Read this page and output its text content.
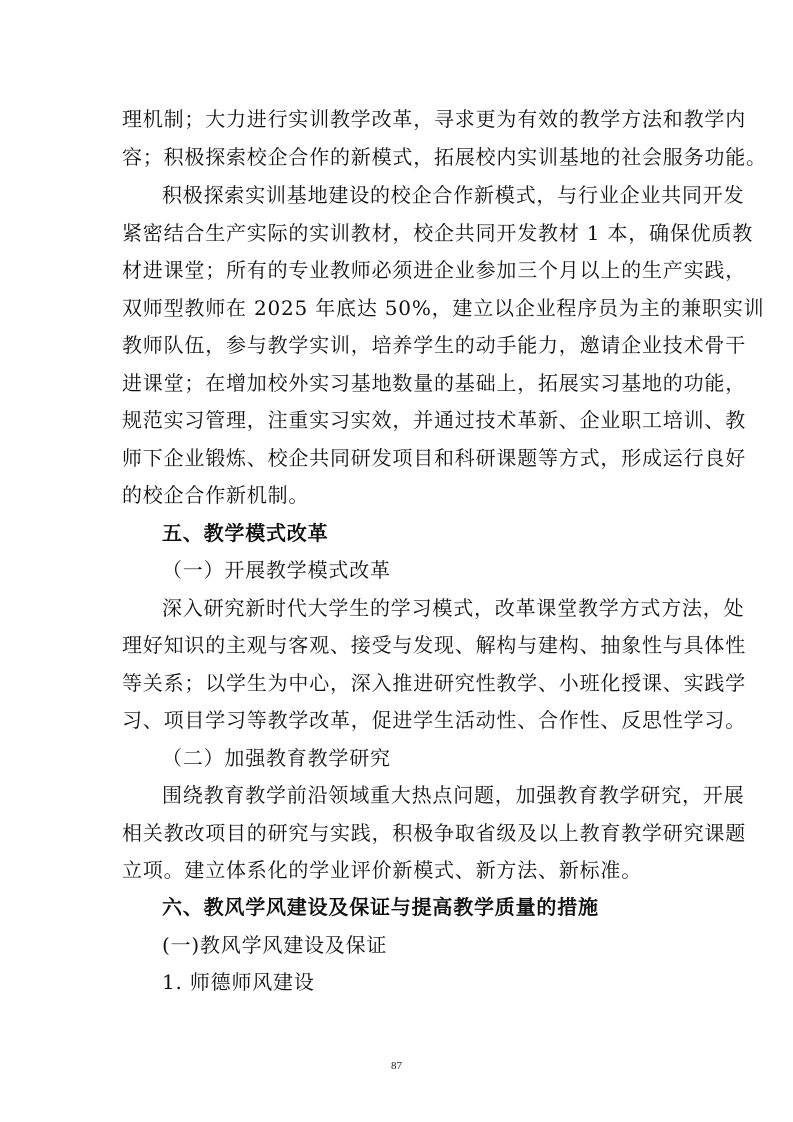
理机制；大力进行实训教学改革，寻求更为有效的教学方法和教学内
容；积极探索校企合作的新模式，拓展校内实训基地的社会服务功能。
积极探索实训基地建设的校企合作新模式，与行业企业共同开发
紧密结合生产实际的实训教材，校企共同开发教材 1 本，确保优质教
材进课堂；所有的专业教师必须进企业参加三个月以上的生产实践，
双师型教师在 2025 年底达 50%，建立以企业程序员为主的兼职实训
教师队伍，参与教学实训，培养学生的动手能力，邀请企业技术骨干
进课堂；在增加校外实习基地数量的基础上，拓展实习基地的功能，
规范实习管理，注重实习实效，并通过技术革新、企业职工培训、教
师下企业锻炼、校企共同研发项目和科研课题等方式，形成运行良好
的校企合作新机制。
五、教学模式改革
（一）开展教学模式改革
深入研究新时代大学生的学习模式，改革课堂教学方式方法，处
理好知识的主观与客观、接受与发现、解构与建构、抽象性与具体性
等关系；以学生为中心，深入推进研究性教学、小班化授课、实践学
习、项目学习等教学改革，促进学生活动性、合作性、反思性学习。
（二）加强教育教学研究
围绕教育教学前沿领域重大热点问题，加强教育教学研究，开展
相关教改项目的研究与实践，积极争取省级及以上教育教学研究课题
立项。建立体系化的学业评价新模式、新方法、新标准。
六、教风学风建设及保证与提高教学质量的措施
(一)教风学风建设及保证
1. 师德师风建设
87
